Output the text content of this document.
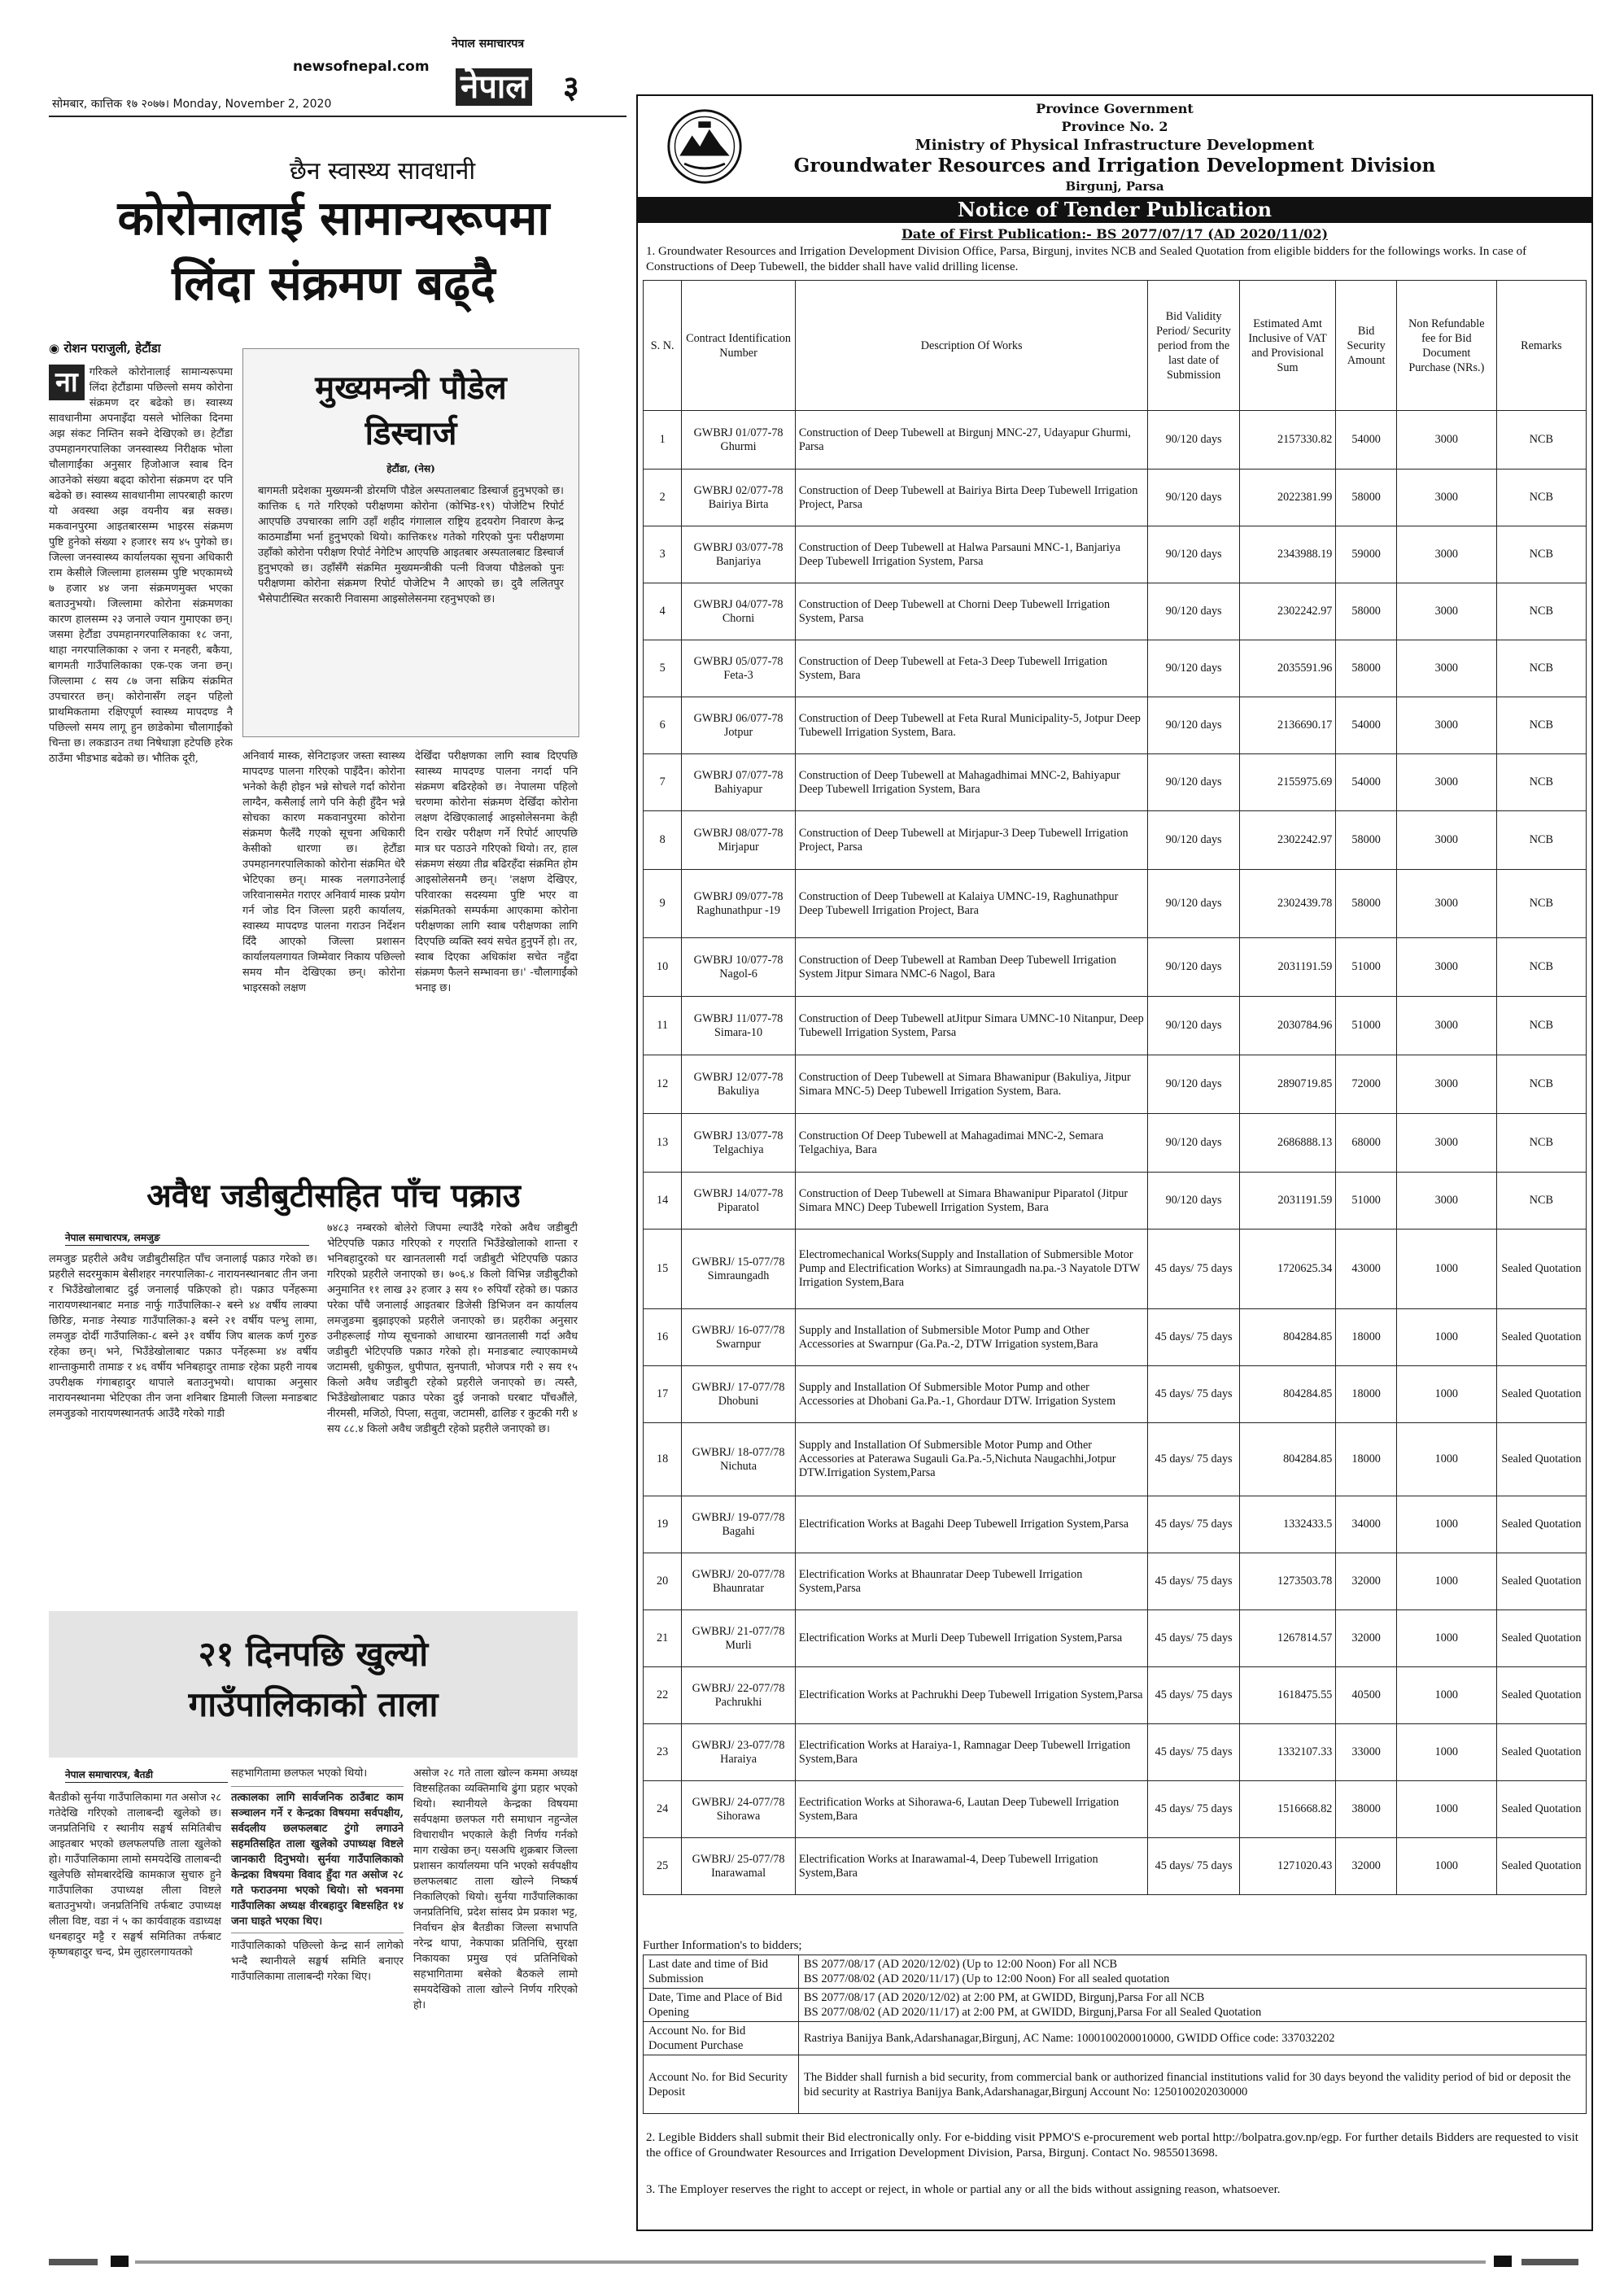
newsofnepal.com
नेपाल समाचारपत्र
नेपाल ३
सोमबार, कात्तिक १७ २०७७। Monday, November 2, 2020
छैन स्वास्थ्य सावधानी
कोरोनालाई सामान्यरूपमा
लिंदा संक्रमण बढ्दै
◉ रोशन पराजुली, हेटौंडा
ना	गरिकले कोरोनालाई सामान्यरूपमा लिंदा हेटौंडामा पछिल्लो समय कोरोना संक्रमण दर बढेको छ। स्वास्थ्य सावधानीमा अपनाइँदा यसले भोलिका दिनमा अझ संकट निम्तिन सक्ने देखिएको छ। हेटौंडा उपमहानगरपालिका जनस्वास्थ्य निरीक्षक भोला चौलागाईंका अनुसार हिजोआज स्वाब दिन आउनेको संख्या बढ्दा कोरोना संक्रमण दर पनि बढेको छ। स्वास्थ्य सावधानीमा लापरबाही कारण यो अवस्था अझ वयनीय बन्न सक्छ। मकवानपुरमा आइतबारसम्म भाइरस संक्रमण पुष्टि हुनेको संख्या २ हजार१ सय ४५ पुगेको छ। जिल्ला जनस्वास्थ्य कार्यालयका सूचना अधिकारी राम केसीले जिल्लामा हालसम्म पुष्टि भएकामध्ये ७ हजार ४४ जना संक्रमणमुक्त भएका बताउनुभयो। जिल्लामा कोरोना संक्रमणका कारण हालसम्म २३ जनाले ज्यान गुमाएका छन्। जसमा हेटौंडा उपमहानगरपालिकाका १८ जना, थाहा नगरपालिकाका २ जना र मनहरी, बकैया, बागमती गाउँपालिकाका एक-एक जना छन्। जिल्लामा ८ सय ८७ जना सक्रिय संक्रमित उपचाररत छन्। कोरोनासँग लड्न पहिलो प्राथमिकतामा रक्षिएपूर्ण स्वास्थ्य मापदण्ड नै पछिल्लो समय लागू हुन छाडेकोमा चौलागाईंको चिन्ता छ। लकडाउन तथा निषेधाज्ञा हटेपछि हरेक ठाउँमा भीडभाड बढेको छ। भौतिक दूरी,
मुख्यमन्त्री पौडेल
डिस्चार्ज
हेटौंडा, (नेस)
बागमती प्रदेशका मुख्यमन्त्री डोरमणि पौडेल अस्पतालबाट डिस्चार्ज हुनुभएको छ। कात्तिक ६ गते गरिएको परीक्षणमा कोरोना (कोभिड-१९) पोजेटिभ रिपोर्ट आएपछि उपचारका लागि उहाँ शहीद गंगालाल राष्ट्रिय हृदयरोग निवारण केन्द्र काठमाडौंमा भर्ना हुनुभएको थियो। कात्तिक१४ गतेको गरिएको पुनः परीक्षणमा उहाँको कोरोना परीक्षण रिपोर्ट नेगेटिभ आएपछि आइतबार अस्पतालबाट डिस्चार्ज हुनुभएको छ। उहाँसँगै संक्रमित मुख्यमन्त्रीकी पत्नी विजया पौडेलको पुनः परीक्षणमा कोरोना संक्रमण रिपोर्ट पोजेटिभ नै आएको छ। दुवै ललितपुर भैसेपाटीस्थित सरकारी निवासमा आइसोलेसनमा रहनुभएको छ।
अनिवार्य मास्क, सेनिटाइजर जस्ता स्वास्थ्य मापदण्ड पालना गरिएको पाइँदैन। कोरोना भनेको केही होइन भन्ने सोचले गर्दा कोरोना लाग्दैन, कसैलाई लागे पनि केही हुँदैन भन्ने सोचका कारण मकवानपुरमा कोरोना संक्रमण फैलँदै गएको सूचना अधिकारी केसीको धारणा छ। हेटौंडा उपमहानगरपालिकाको कोरोना संक्रमित धेरै भेटिएका छन्। मास्क नलगाउनेलाई जरिवानासमेत गराएर अनिवार्य मास्क प्रयोग गर्न जोड दिन जिल्ला प्रहरी कार्यालय, स्वास्थ्य मापदण्ड पालना गराउन निर्देशन दिँदै आएको जिल्ला प्रशासन कार्यालयलगायत जिम्मेवार निकाय पछिल्लो समय मौन देखिएका छन्। कोरोना भाइरसको लक्षण
देखिँदा परीक्षणका लागि स्वाब दिएपछि स्वास्थ्य मापदण्ड पालना नगर्दा पनि संक्रमण बढिरहेको छ। नेपालमा पहिलो चरणमा कोरोना संक्रमण देखिँदा कोरोना लक्षण देखिएकालाई आइसोलेसनमा केही दिन राखेर परीक्षण गर्ने रिपोर्ट आएपछि मात्र घर पठाउने गरिएको थियो। तर, हाल संक्रमण संख्या तीव्र बढिरहँदा संक्रमित होम आइसोलेसनमै छन्। 'लक्षण देखिएर, परिवारका सदस्यमा पुष्टि भएर वा संक्रमितको सम्पर्कमा आएकामा कोरोना परीक्षणका लागि स्वाब परीक्षणका लागि दिएपछि व्यक्ति स्वयं सचेत हुनुपर्ने हो। तर, स्वाब दिएका अधिकांश सचेत नहुँदा संक्रमण फैलने सम्भावना छ।' -चौलागाईंको भनाइ छ।
अवैध जडीबुटीसहित पाँच पक्राउ
नेपाल समाचारपत्र, लमजुङ
लमजुङ प्रहरीले अवैध जडीबुटीसहित पाँच जनालाई पक्राउ गरेको छ। प्रहरीले सदरमुकाम बेसीशहर नगरपालिका-८ नारायनस्थानबाट तीन जना र भिउँडेखोलाबाट दुई जनालाई पक्रिएको हो। पक्राउ पर्नेहरूमा नारायणस्थानबाट मनाङ नार्फु गाउँपालिका-२ बस्ने ४४ वर्षीय लाक्पा छिरिङ, मनाङ नेस्याङ गाउँपालिका-३ बस्ने २१ वर्षीय पल्भु लामा, लमजुङ दोर्दी गाउँपालिका-८ बस्ने ३१ वर्षीय जिप बालक कर्ण गुरुङ रहेका छन्। भने, भिउँडेखोलाबाट पक्राउ पर्नेहरूमा ४४ वर्षीय शान्ताकुमारी तामाङ र ४६ वर्षीय भनिबहादुर तामाङ रहेका प्रहरी नायब उपरीक्षक गंगाबहादुर थापाले बताउनुभयो। थापाका अनुसार नारायनस्थानमा भेटिएका तीन जना शनिबार डिमाली जिल्ला मनाङबाट लमजुङको नारायणस्थानतर्फ आउँदै गरेको गाडी
७४८३ नम्बरको बोलेरो जिपमा ल्याउँदै गरेको अवैध जडीबुटी भेटिएपछि पक्राउ गरिएको र गएराति भिउँडेखोलाको शान्ता र भनिबहादुरको घर खानतलासी गर्दा जडीबुटी भेटिएपछि पक्राउ गरिएको प्रहरीले जनाएको छ। ७०६.४ किलो विभिन्न जडीबुटीको अनुमानित ११ लाख ३२ हजार ३ सय १० रुपियाँ रहेको छ। पक्राउ परेका पाँचै जनालाई आइतबार डिजेसी डिभिजन वन कार्यालय लमजुङमा बुझाइएको प्रहरीले जनाएको छ। प्रहरीका अनुसार उनीहरूलाई गोप्य सूचनाको आधारमा खानतलासी गर्दा अवैध जडीबुटी भेटिएपछि पक्राउ गरेको हो। मनाङबाट ल्याएकामध्ये जटामसी, धुकीफुल, धुपीपात, सुनपाती, भोजपत्र गरी २ सय १५ किलो अवैध जडीबुटी रहेको प्रहरीले जनाएको छ। त्यस्तै, भिउँडेखोलाबाट पक्राउ परेका दुई जनाको घरबाट पाँचऔंले, नीरमसी, मजिठो, पिप्ला, सतुवा, जटामसी, ढालिङ र कुटकी गरी ४ सय ८८.४ किलो अवैध जडीबुटी रहेको प्रहरीले जनाएको छ।
२१ दिनपछि खुल्यो
गाउँपालिकाको ताला
नेपाल समाचारपत्र, बैतडी
बैतडीको सुर्नया गाउँपालिकामा गत असोज २८ गतेदेखि गरिएको तालाबन्दी खुलेको छ। जनप्रतिनिधि र स्थानीय सङ्घर्ष समितिबीच आइतबार भएको छलफलपछि ताला खुलेको हो। गाउँपालिकामा लामो समयदेखि तालाबन्दी खुलेपछि सोमबारदेखि कामकाज सुचारु हुने गाउँपालिका उपाध्यक्ष लीला विष्टले बताउनुभयो। जनप्रतिनिधि तर्फबाट उपाध्यक्ष लीला विष्ट, वडा नं ५ का कार्यवाहक वडाध्यक्ष धनबहादुर मट्टै र सङ्घर्ष समितिका तर्फबाट कृष्णबहादुर चन्द, प्रेम लुहारलगायतको
सहभागितामा छलफल भएको थियो।
तत्कालका लागि सार्वजनिक ठाउँबाट काम सञ्चालन गर्ने र केन्द्रका विषयमा सर्वपक्षीय, सर्वदलीय छलफलबाट टुंगो लगाउने सहमतिसहित ताला खुलेको उपाध्यक्ष विष्टले जानकारी दिनुभयो। सुर्नया गाउँपालिकाको केन्द्रका विषयमा विवाद हुँदा गत असोज २८ गते फराउनमा भएको थियो। सो भवनमा गाउँपालिका अध्यक्ष वीरबहादुर बिष्टसहित १४ जना घाइते भएका थिए।
गाउँपालिकाको पछिल्लो केन्द्र सार्न लागेको भन्दै स्थानीयले सङ्घर्ष समिति बनाएर गाउँपालिकामा तालाबन्दी गरेका थिए।
असोज २८ गते ताला खोल्न कममा अध्यक्ष विष्टसहितका व्यक्तिमाथि ढुंगा प्रहार भएको थियो। स्थानीयले केन्द्रका विषयमा सर्वपक्षमा छलफल गरी समाधान नहुन्जेल विचाराधीन भएकाले केही निर्णय गर्नको माग राखेका छन्। यसअघि शुक्रबार जिल्ला प्रशासन कार्यालयमा पनि भएको सर्वपक्षीय छलफलबाट ताला खोल्ने निष्कर्ष निकालिएको थियो। सुर्नया गाउँपालिकाका जनप्रतिनिधि, प्रदेश सांसद प्रेम प्रकाश भट्ट, निर्वाचन क्षेत्र बैतडीका जिल्ला सभापति नरेन्द्र थापा, नेकपाका प्रतिनिधि, सुरक्षा निकायका प्रमुख एवं प्रतिनिधिको सहभागितामा बसेको बैठकले लामो समयदेखिको ताला खोल्ने निर्णय गरिएको हो।
Province Government
Province No. 2
Ministry of Physical Infrastructure Development
Groundwater Resources and Irrigation Development Division
Birgunj, Parsa
Notice of Tender Publication
Date of First Publication:- BS 2077/07/17 (AD 2020/11/02)
1. Groundwater Resources and Irrigation Development Division Office, Parsa, Birgunj, invites NCB and Sealed Quotation from eligible bidders for the followings works. In case of Constructions of Deep Tubewell, the bidder shall have valid drilling license.
S. N.	Contract Identification Number	Description Of Works	Bid Validity Period/ Security period from the last date of Submission	Estimated Amt Inclusive of VAT and Provisional Sum	Bid Security Amount	Non Refundable fee for Bid Document Purchase (NRs.)	Remarks
1	GWBRJ 01/077-78 Ghurmi	Construction of Deep Tubewell at Birgunj MNC-27, Udayapur Ghurmi, Parsa	90/120 days	2157330.82	54000	3000	NCB
2	GWBRJ 02/077-78 Bairiya Birta	Construction of Deep Tubewell at Bairiya Birta Deep Tubewell Irrigation Project, Parsa	90/120 days	2022381.99	58000	3000	NCB
3	GWBRJ 03/077-78 Banjariya	Construction of Deep Tubewell at Halwa Parsauni MNC-1, Banjariya Deep Tubewell Irrigation System, Parsa	90/120 days	2343988.19	59000	3000	NCB
4	GWBRJ 04/077-78 Chorni	Construction of Deep Tubewell at Chorni Deep Tubewell Irrigation System, Parsa	90/120 days	2302242.97	58000	3000	NCB
5	GWBRJ 05/077-78 Feta-3	Construction of Deep Tubewell at Feta-3 Deep Tubewell Irrigation System, Bara	90/120 days	2035591.96	58000	3000	NCB
6	GWBRJ 06/077-78 Jotpur	Construction of Deep Tubewell at Feta Rural Municipality-5, Jotpur Deep Tubewell Irrigation System, Bara.	90/120 days	2136690.17	54000	3000	NCB
7	GWBRJ 07/077-78 Bahiyapur	Construction of Deep Tubewell at Mahagadhimai MNC-2, Bahiyapur Deep Tubewell Irrigation System, Bara	90/120 days	2155975.69	54000	3000	NCB
8	GWBRJ 08/077-78 Mirjapur	Construction of Deep Tubewell at Mirjapur-3 Deep Tubewell Irrigation Project, Parsa	90/120 days	2302242.97	58000	3000	NCB
9	GWBRJ 09/077-78 Raghunathpur -19	Construction of Deep Tubewell at Kalaiya UMNC-19, Raghunathpur Deep Tubewell Irrigation Project, Bara	90/120 days	2302439.78	58000	3000	NCB
10	GWBRJ 10/077-78 Nagol-6	Construction of Deep Tubewell at Ramban Deep Tubewell Irrigation System Jitpur Simara NMC-6 Nagol, Bara	90/120 days	2031191.59	51000	3000	NCB
11	GWBRJ 11/077-78 Simara-10	Construction of Deep Tubewell atJitpur Simara UMNC-10 Nitanpur, Deep Tubewell Irrigation System, Parsa	90/120 days	2030784.96	51000	3000	NCB
12	GWBRJ 12/077-78 Bakuliya	Construction of Deep Tubewell at Simara Bhawanipur (Bakuliya, Jitpur Simara MNC-5) Deep Tubewell Irrigation System, Bara.	90/120 days	2890719.85	72000	3000	NCB
13	GWBRJ 13/077-78 Telgachiya	Construction Of Deep Tubewell at Mahagadimai MNC-2, Semara Telgachiya, Bara	90/120 days	2686888.13	68000	3000	NCB
14	GWBRJ 14/077-78 Piparatol	Construction of Deep Tubewell at Simara Bhawanipur Piparatol (Jitpur Simara MNC) Deep Tubewell Irrigation System, Bara	90/120 days	2031191.59	51000	3000	NCB
15	GWBRJ/ 15-077/78 Simraungadh	Electromechanical Works(Supply and Installation of Submersible Motor Pump and Electrification Works) at Simraungadh na.pa.-3 Nayatole DTW Irrigation System,Bara	45 days/ 75 days	1720625.34	43000	1000	Sealed Quotation
16	GWBRJ/ 16-077/78 Swarnpur	Supply and Installation of Submersible Motor Pump and Other Accessories at Swarnpur (Ga.Pa.-2, DTW Irrigation system,Bara	45 days/ 75 days	804284.85	18000	1000	Sealed Quotation
17	GWBRJ/ 17-077/78 Dhobuni	Supply and Installation Of Submersible Motor Pump and other Accessories at Dhobani Ga.Pa.-1, Ghordaur DTW. Irrigation System	45 days/ 75 days	804284.85	18000	1000	Sealed Quotation
18	GWBRJ/ 18-077/78 Nichuta	Supply and Installation Of Submersible Motor Pump and Other Accessories at Paterawa Sugauli Ga.Pa.-5,Nichuta Naugachhi,Jotpur DTW.Irrigation System,Parsa	45 days/ 75 days	804284.85	18000	1000	Sealed Quotation
19	GWBRJ/ 19-077/78 Bagahi	Electrification Works at Bagahi Deep Tubewell Irrigation System,Parsa	45 days/ 75 days	1332433.5	34000	1000	Sealed Quotation
20	GWBRJ/ 20-077/78 Bhaunratar	Electrification Works at Bhaunratar Deep Tubewell Irrigation System,Parsa	45 days/ 75 days	1273503.78	32000	1000	Sealed Quotation
21	GWBRJ/ 21-077/78 Murli	Electrification Works at Murli Deep Tubewell Irrigation System,Parsa	45 days/ 75 days	1267814.57	32000	1000	Sealed Quotation
22	GWBRJ/ 22-077/78 Pachrukhi	Electrification Works at Pachrukhi Deep Tubewell Irrigation System,Parsa	45 days/ 75 days	1618475.55	40500	1000	Sealed Quotation
23	GWBRJ/ 23-077/78 Haraiya	Electrification Works at Haraiya-1, Ramnagar Deep Tubewell Irrigation System,Bara	45 days/ 75 days	1332107.33	33000	1000	Sealed Quotation
24	GWBRJ/ 24-077/78 Sihorawa	Eectrification Works at Sihorawa-6, Lautan Deep Tubewell Irrigation System,Bara	45 days/ 75 days	1516668.82	38000	1000	Sealed Quotation
25	GWBRJ/ 25-077/78 Inarawamal	Electrification Works at Inarawamal-4, Deep Tubewell Irrigation System,Bara	45 days/ 75 days	1271020.43	32000	1000	Sealed Quotation
Further Information's to bidders;
Last date and time of Bid Submission	BS 2077/08/17 (AD 2020/12/02) (Up to 12:00 Noon) For all NCB
BS 2077/08/02 (AD 2020/11/17) (Up to 12:00 Noon) For all sealed quotation

Date, Time and Place of Bid Opening	BS 2077/08/17 (AD 2020/12/02) at 2:00 PM, at GWIDD, Birgunj,Parsa For all NCB
BS 2077/08/02 (AD 2020/11/17) at 2:00 PM, at GWIDD, Birgunj,Parsa For all Sealed Quotation

Account No. for Bid Document Purchase	Rastriya Banijya Bank,Adarshanagar,Birgunj, AC Name: 1000100200010000, GWIDD Office code: 337032202

Account No. for Bid Security Deposit	The Bidder shall furnish a bid security, from commercial bank or authorized financial institutions valid for 30 days beyond the validity period of bid or deposit the bid security at Rastriya Banijya Bank,Adarshanagar,Birgunj Account No: 1250100202030000
2. Legible Bidders shall submit their Bid electronically only. For e-bidding visit PPMO'S e-procurement web portal http://bolpatra.gov.np/egp. For further details Bidders are requested to visit the office of Groundwater Resources and Irrigation Development Division, Parsa, Birgunj. Contact No. 9855013698.
3. The Employer reserves the right to accept or reject, in whole or partial any or all the bids without assigning reason, whatsoever.
